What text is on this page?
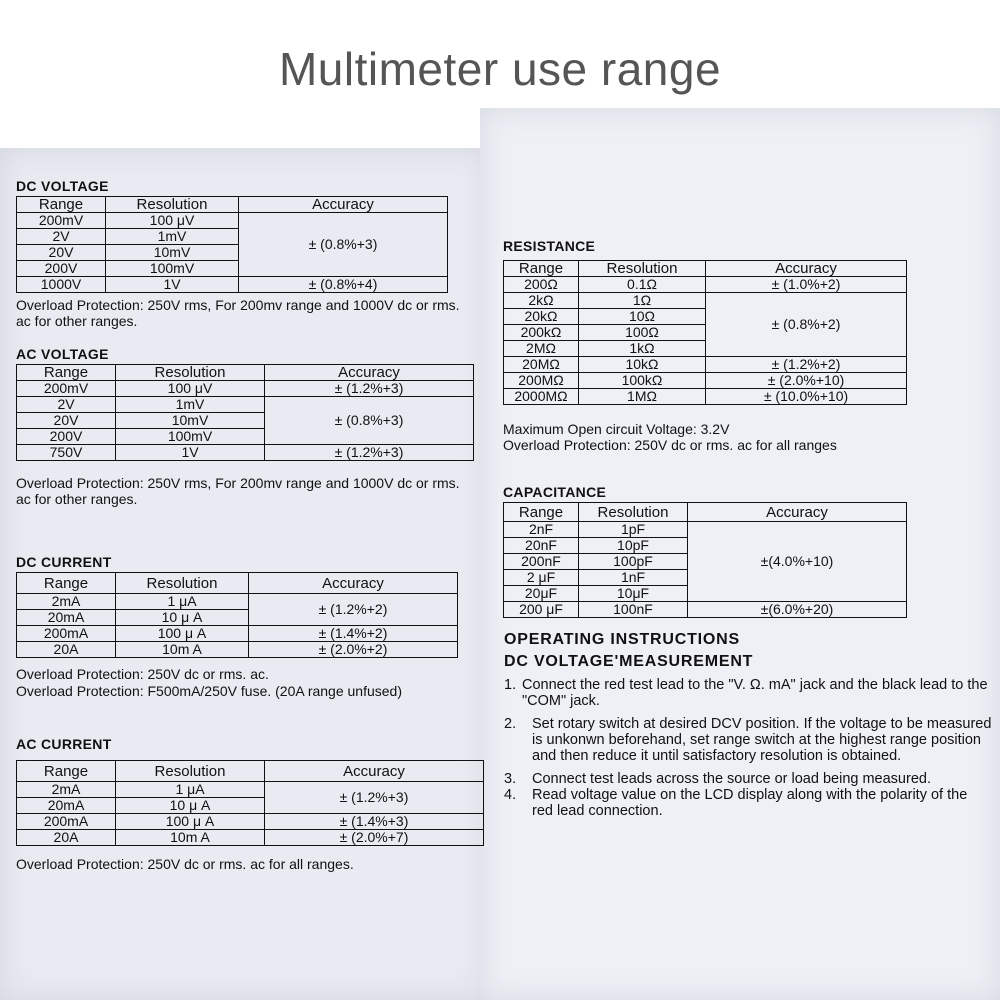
Multimeter use range
DC VOLTAGE
Range	Resolution	Accuracy
200mV	100 μV	± (0.8%+3)
2V	1mV	
20V	10mV	
200V	100mV	
1000V	1V	± (0.8%+4)
Overload Protection: 250V rms, For 200mv range and 1000V dc or rms. ac for other ranges.
AC VOLTAGE
Range	Resolution	Accuracy
200mV	100 μV	± (1.2%+3)
2V	1mV	± (0.8%+3)
20V	10mV	
200V	100mV	
750V	1V	± (1.2%+3)
Overload Protection: 250V rms, For 200mv range and 1000V dc or rms. ac for other ranges.
DC CURRENT
Range	Resolution	Accuracy
2mA	1 μA	± (1.2%+2)
20mA	10 μ A	
200mA	100 μ A	± (1.4%+2)
20A	10m A	± (2.0%+2)
Overload Protection: 250V dc or rms. ac.
Overload Protection: F500mA/250V fuse. (20A range unfused)
AC CURRENT
Range	Resolution	Accuracy
2mA	1 μA	± (1.2%+3)
20mA	10 μ A	
200mA	100 μ A	± (1.4%+3)
20A	10m A	± (2.0%+7)
Overload Protection: 250V dc or rms. ac for all ranges.
RESISTANCE
Range	Resolution	Accuracy
200Ω	0.1Ω	± (1.0%+2)
2kΩ	1Ω	± (0.8%+2)
20kΩ	10Ω	
200kΩ	100Ω	
2MΩ	1kΩ	
20MΩ	10kΩ	± (1.2%+2)
200MΩ	100kΩ	± (2.0%+10)
2000MΩ	1MΩ	± (10.0%+10)
Maximum Open circuit Voltage: 3.2V
Overload Protection: 250V dc or rms. ac for all ranges
CAPACITANCE
Range	Resolution	Accuracy
2nF	1pF	±(4.0%+10)
20nF	10pF	
200nF	100pF	
2 μF	1nF	
20μF	10μF	
200 μF	100nF	±(6.0%+20)
OPERATING INSTRUCTIONS
DC VOLTAGE'MEASUREMENT
1. Connect the red test lead to the "V. Ω. mA" jack and the black lead to the "COM" jack.
2.	Set rotary switch at desired DCV position. If the voltage to be measured is unkonwn beforehand, set range switch at the highest range position and then reduce it until satisfactory resolution is obtained.
3.	Connect test leads across the source or load being measured.
4.	Read voltage value on the LCD display along with the polarity of the red lead connection.
